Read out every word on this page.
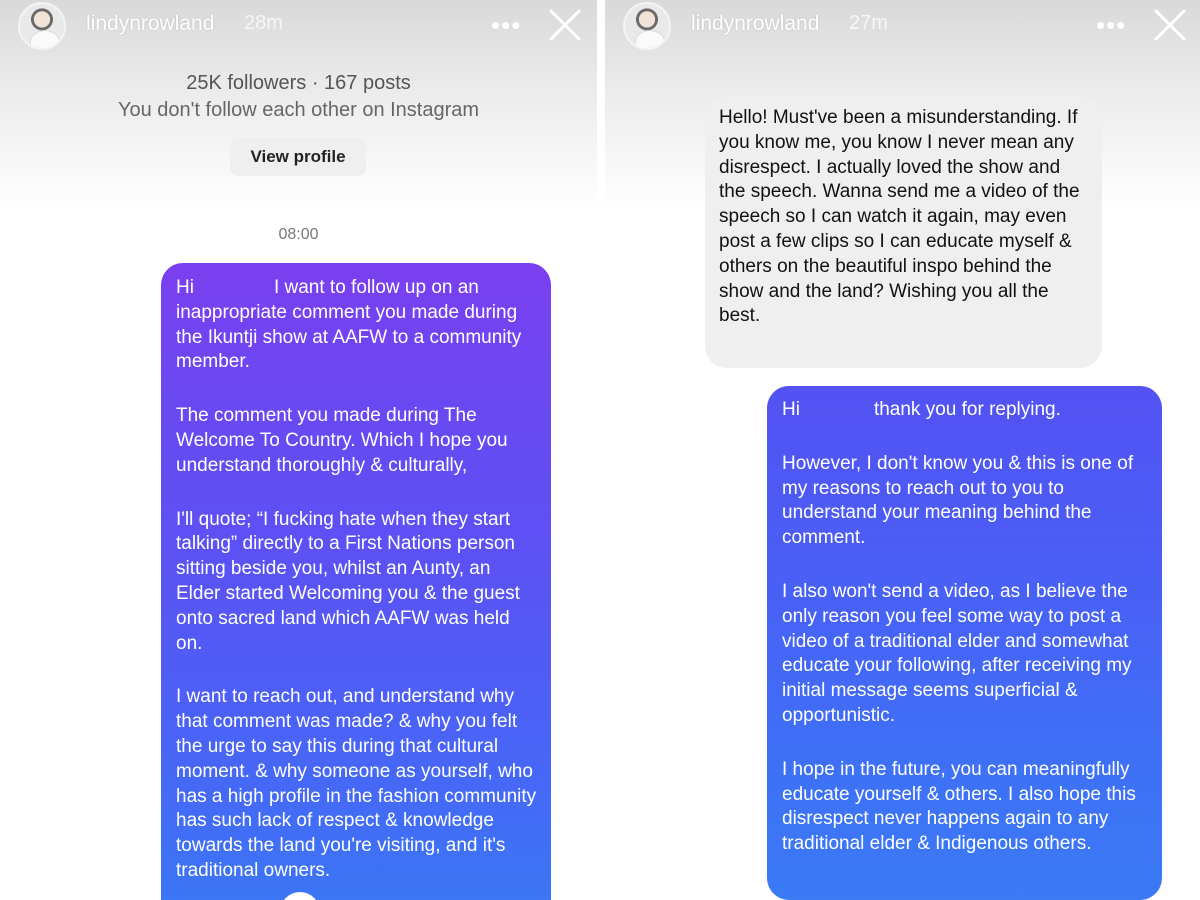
lindynrowland 28m	•••
25K followers · 167 posts
You don't follow each other on Instagram
View profile
08:00

Hi	I want to follow up on an inappropriate comment you made during the Ikuntji show at AAFW to a community member.

The comment you made during The Welcome To Country. Which I hope you understand thoroughly & culturally,

I'll quote; “I fucking hate when they start talking” directly to a First Nations person sitting beside you, whilst an Aunty, an Elder started Welcoming you & the guest onto sacred land which AAFW was held on.

I want to reach out, and understand why that comment was made? & why you felt the urge to say this during that cultural moment. & why someone as yourself, who has a high profile in the fashion community has such lack of respect & knowledge towards the land you're visiting, and it's traditional owners.

lindynrowland 27m	•••

Hello! Must've been a misunderstanding. If you know me, you know I never mean any disrespect. I actually loved the show and the speech. Wanna send me a video of the speech so I can watch it again, may even post a few clips so I can educate myself & others on the beautiful inspo behind the show and the land? Wishing you all the best.

Hi	thank you for replying.

However, I don't know you & this is one of my reasons to reach out to you to understand your meaning behind the comment.

I also won't send a video, as I believe the only reason you feel some way to post a video of a traditional elder and somewhat educate your following, after receiving my initial message seems superficial & opportunistic.

I hope in the future, you can meaningfully educate yourself & others. I also hope this disrespect never happens again to any traditional elder & Indigenous others.
